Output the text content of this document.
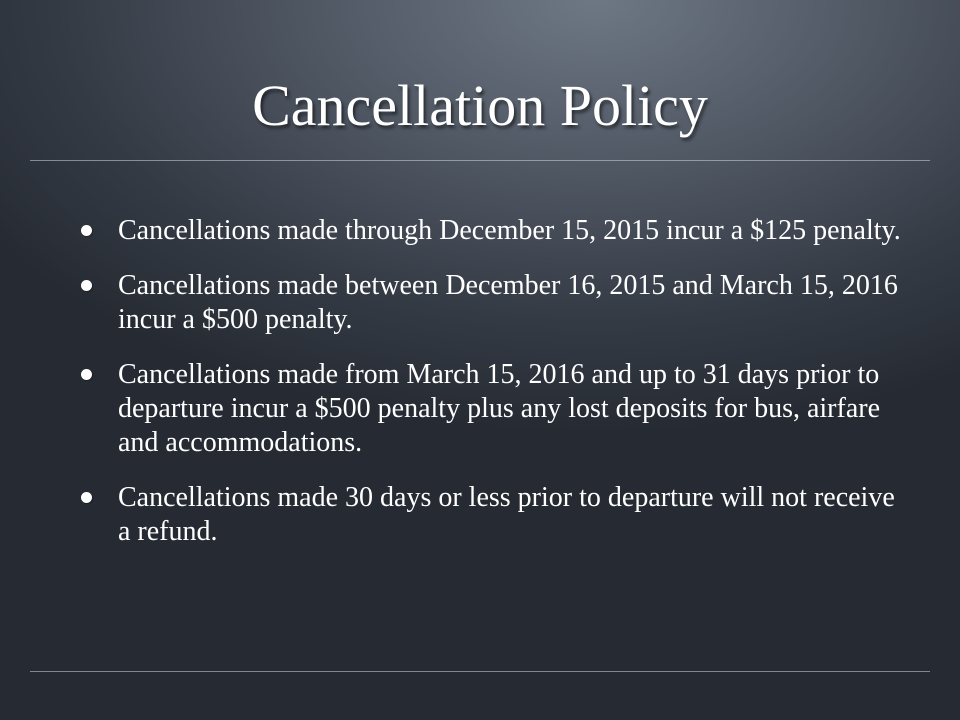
Cancellation Policy
Cancellations made through December 15, 2015 incur a $125 penalty.
Cancellations made between December 16, 2015 and March 15, 2016 incur a $500 penalty.
Cancellations made from March 15, 2016 and up to 31 days prior to departure incur a $500 penalty plus any lost deposits for bus, airfare and accommodations.
Cancellations made 30 days or less prior to departure will not receive a refund.
